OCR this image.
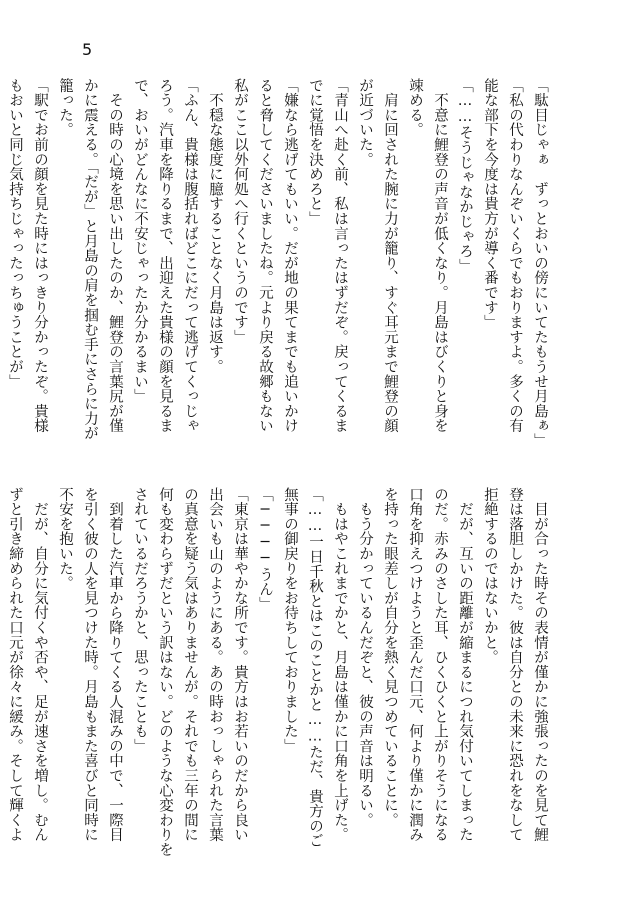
5
「駄目じゃぁ　ずっとおいの傍にいてたもうせ月島ぁ」
「私の代わりなんぞいくらでもおりますよ。多くの有
能な部下を今度は貴方が導く番です」
「……そうじゃなかじゃろ」
　不意に鯉登の声音が低くなり。月島はびくりと身を
竦める。
　肩に回された腕に力が籠り、すぐ耳元まで鯉登の顔
が近づいた。
「青山へ赴く前、私は言ったはずだぞ。戻ってくるま
でに覚悟を決めろと」
「嫌なら逃げてもいい。だが地の果てまでも追いかけ
ると脅してくださいましたね。元より戻る故郷もない
私がここ以外何処へ行くというのです」
　不穏な態度に臆することなく月島は返す。
「ふん、貴様は腹括ればどこにだって逃げてくっじゃ
ろう。汽車を降りるまで、出迎えた貴様の顔を見るま
で、おいがどんなに不安じゃったか分かるまい」
　その時の心境を思い出したのか、鯉登の言葉尻が僅
かに震える。「だが」と月島の肩を掴む手にさらに力が
籠った。
「駅でお前の顔を見た時にはっきり分かったぞ。貴様
もおいと同じ気持ちじゃったっちゅうことが」
　目が合った時その表情が僅かに強張ったのを見て鯉
登は落胆しかけた。彼は自分との未来に恐れをなして
拒絶するのではないかと。
　だが、互いの距離が縮まるにつれ気付いてしまった
のだ。赤みのさした耳、ひくひくと上がりそうになる
口角を抑えつけようと歪んだ口元、何より僅かに潤み
を持った眼差しが自分を熱く見つめていることに。
　もう分かっているんだぞと、彼の声音は明るい。
　もはやこれまでかと、月島は僅かに口角を上げた。
「……一日千秋とはこのことかと……ただ、貴方のご
無事の御戻りをお待ちしておりました」
「────うん」
「東京は華やかな所です。貴方はお若いのだから良い
出会いも山のようにある。あの時おっしゃられた言葉
の真意を疑う気はありませんが。それでも三年の間に
何も変わらずだという訳はない。どのような心変わりを
されているだろうかと、思ったことも」
　到着した汽車から降りてくる人混みの中で、一際目
を引く彼の人を見つけた時。月島もまた喜びと同時に
不安を抱いた。
　だが、自分に気付くや否や、足が速さを増し。むん
ずと引き締められた口元が徐々に緩み。そして輝くよ
